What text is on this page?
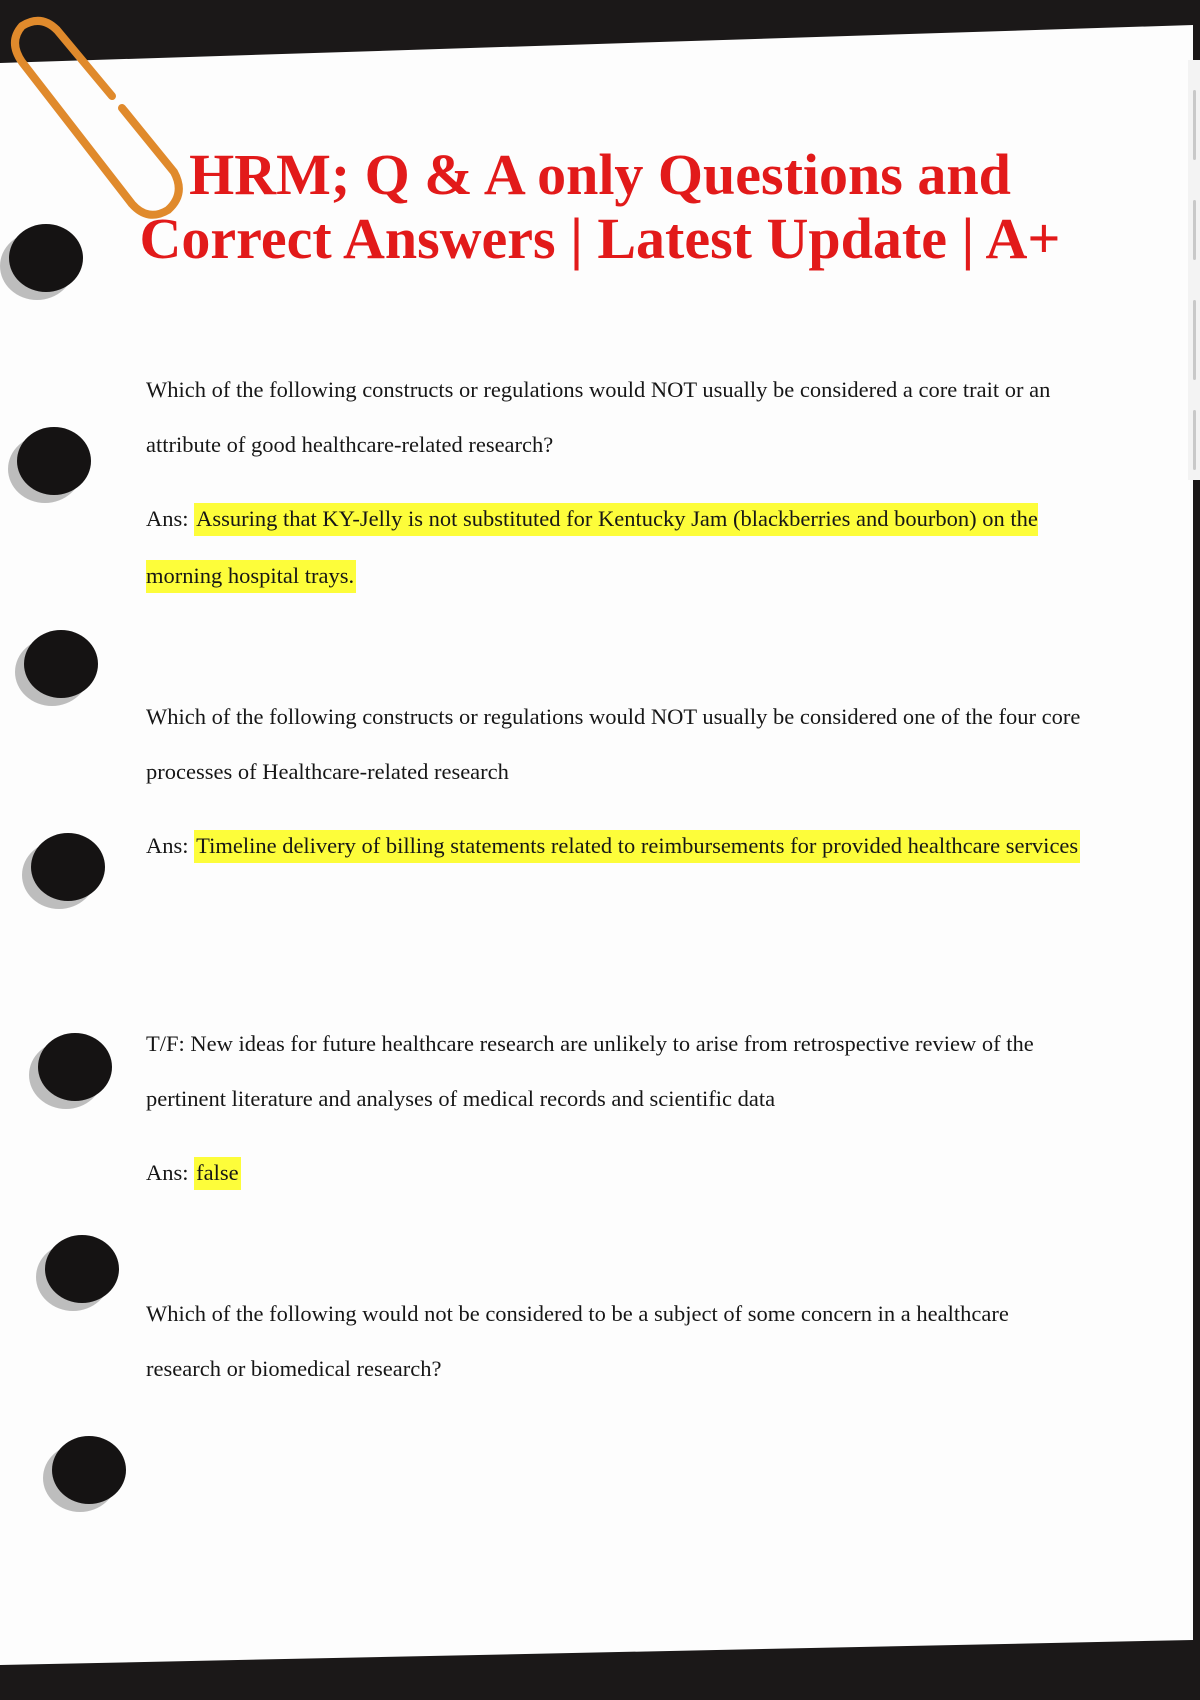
HRM; Q & A only Questions and
Correct Answers | Latest Update | A+

Which of the following constructs or regulations would NOT usually be considered a core trait or an attribute of good healthcare-related research?

Ans: Assuring that KY-Jelly is not substituted for Kentucky Jam (blackberries and bourbon) on the morning hospital trays.

Which of the following constructs or regulations would NOT usually be considered one of the four core processes of Healthcare-related research

Ans: Timeline delivery of billing statements related to reimbursements for provided healthcare services

T/F: New ideas for future healthcare research are unlikely to arise from retrospective review of the pertinent literature and analyses of medical records and scientific data

Ans: false

Which of the following would not be considered to be a subject of some concern in a healthcare research or biomedical research?
